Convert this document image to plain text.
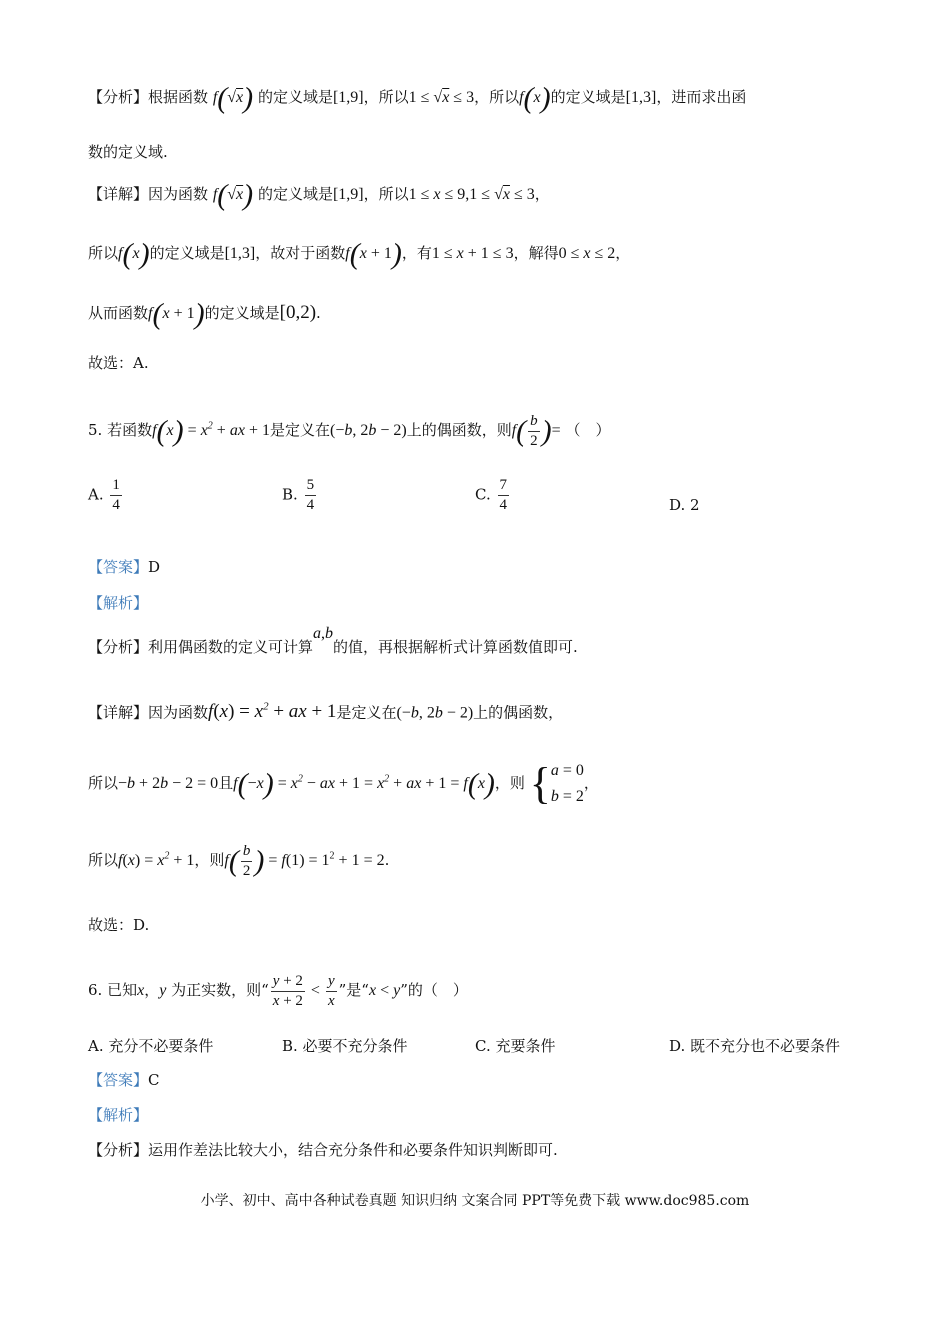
【分析】根据函数 f(√x) 的定义域是[1,9]，所以1 ≤ √x ≤ 3，所以f(x)的定义域是[1,3]，进而求出函
数的定义域.
【详解】因为函数 f(√x) 的定义域是[1,9]，所以1 ≤ x ≤ 9,1 ≤ √x ≤ 3，
所以f(x)的定义域是[1,3]，故对于函数f(x + 1)，有1 ≤ x + 1 ≤ 3，解得0 ≤ x ≤ 2，
从而函数f(x + 1)的定义域是[0,2).
故选：A.
5. 若函数$f(x) = x^2$ + ax + 1是定义在(−b, 2b − 2)上的偶函数，则$f( \frac{b}{2}$ )= （　）
A. $\frac{1}{4}$	B. $\frac{5}{4}$	C. $\frac{7}{4}$	D. 2
【答案】D
【解析】
【分析】利用偶函数的定义可计算a,b的值，再根据解析式计算函数值即可.
【详解】因为函数$f(x) = x^2$ + ax + 1是定义在(−b, 2b − 2)上的偶函数，
所以−b + 2b − 2 = 0且$f(-x) = x^2$ − ax + $1 = x^2$ + ax + 1 = f(x)，则 { a = 0
b = 2
，
所以$f(x) = x^2 + 1$，则$f( \frac{b}{2}$ ) = $f(1) = 1^2 + 1 = 2$.
故选：D.
6. 已知x，y 为正实数，则“ $\frac{y + 2}{x + 2} < \frac{y}{x}$ ”是“x < y”的（　）
A. 充分不必要条件	B. 必要不充分条件	C. 充要条件	D. 既不充分也不必要条件
【答案】C
【解析】
【分析】运用作差法比较大小，结合充分条件和必要条件知识判断即可.
小学、初中、高中各种试卷真题 知识归纳 文案合同 PPT等免费下载 www.doc985.com
